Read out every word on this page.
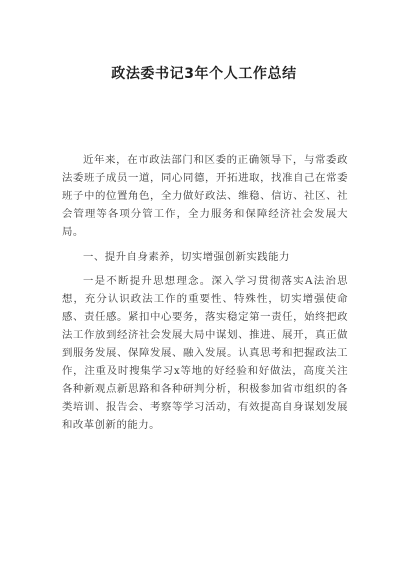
政法委书记3年个人工作总结

近年来，在市政法部门和区委的正确领导下，与常委政法委班子成员一道，同心同德，开拓进取，找准自己在常委班子中的位置角色，全力做好政法、维稳、信访、社区、社会管理等各项分管工作，全力服务和保障经济社会发展大局。

一、提升自身素养，切实增强创新实践能力

一是不断提升思想理念。深入学习贯彻落实A法治思想，充分认识政法工作的重要性、特殊性，切实增强使命感、责任感。紧扣中心要务，落实稳定第一责任，始终把政法工作放到经济社会发展大局中谋划、推进、展开，真正做到服务发展、保障发展、融入发展。认真思考和把握政法工作，注重及时搜集学习x等地的好经验和好做法，高度关注各种新观点新思路和各种研判分析，积极参加省市组织的各类培训、报告会、考察等学习活动，有效提高自身谋划发展和改革创新的能力。
